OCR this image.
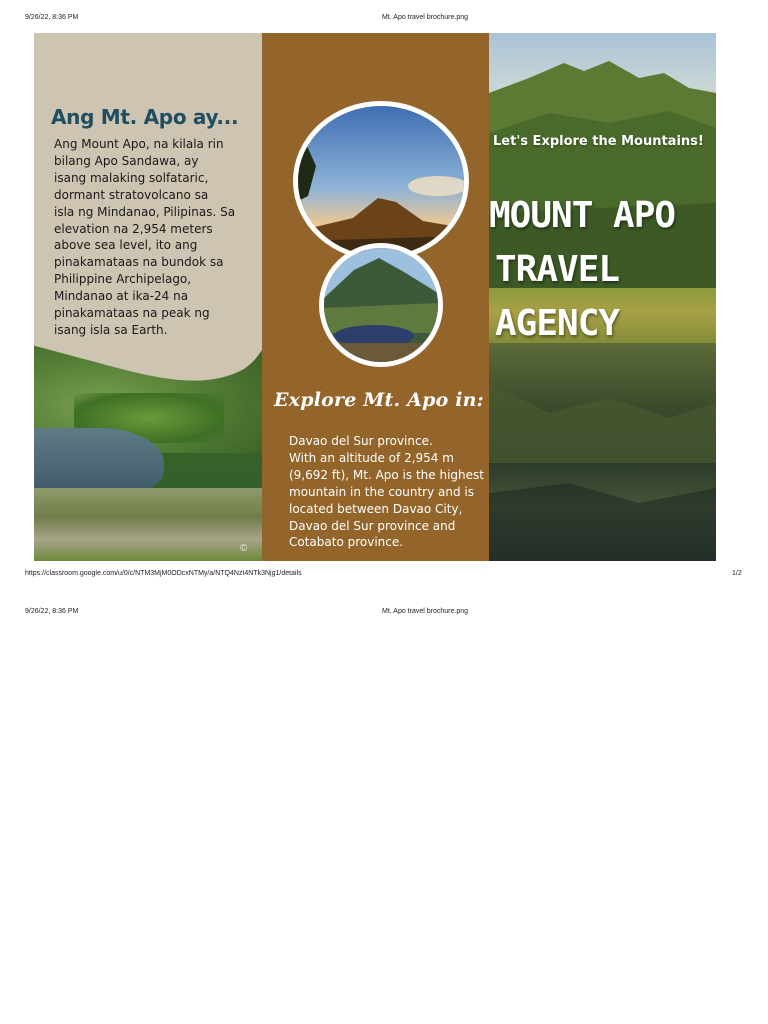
9/26/22, 8:36 PM	Mt. Apo travel brochure.png
©
Ang Mt. Apo ay...
Ang Mount Apo, na kilala rin
bilang Apo Sandawa, ay
isang malaking solfataric,
dormant stratovolcano sa
isla ng Mindanao, Pilipinas. Sa
elevation na 2,954 meters
above sea level, ito ang
pinakamataas na bundok sa
Philippine Archipelago,
Mindanao at ika-24 na
pinakamataas na peak ng
isang isla sa Earth.
Explore Mt. Apo in:
Davao del Sur province.
With an altitude of 2,954 m
(9,692 ft), Mt. Apo is the highest
mountain in the country and is
located between Davao City,
Davao del Sur province and
Cotabato province.
Let's Explore the Mountains!
MOUNT APO
TRAVEL
AGENCY
https://classroom.google.com/u/0/c/NTM3MjM0ODcxNTMy/a/NTQ4NzI4NTk3Njg1/details	1/2
9/26/22, 8:36 PM	Mt. Apo travel brochure.png
